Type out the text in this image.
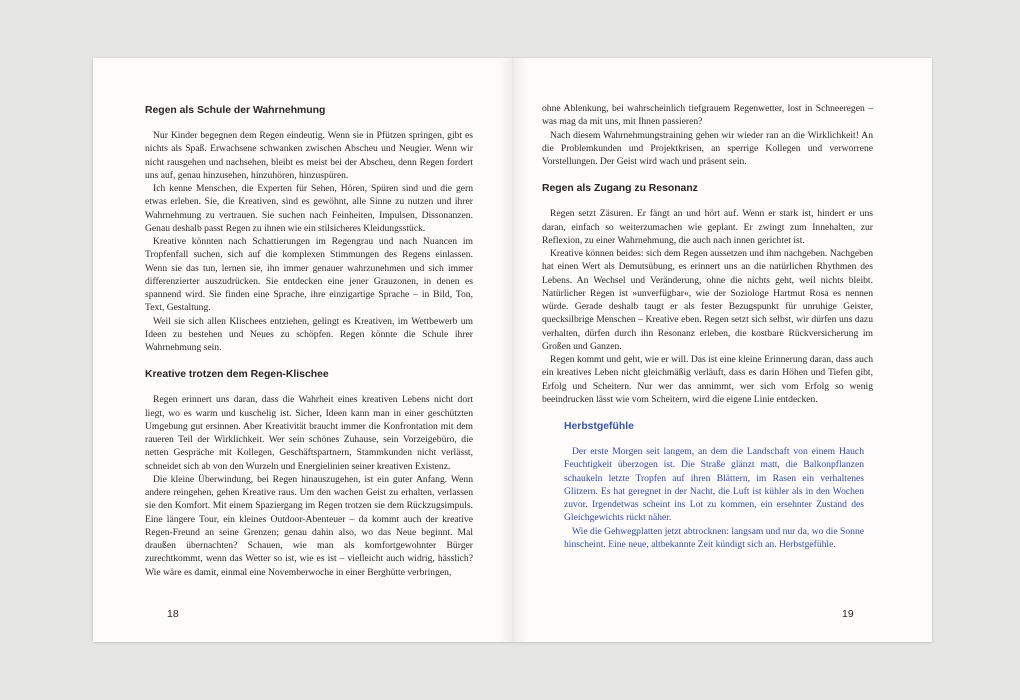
Regen als Schule der Wahrnehmung

Nur Kinder begegnen dem Regen eindeutig. Wenn sie in Pfützen springen, gibt es nichts als Spaß. Erwachsene schwanken zwischen Abscheu und Neugier. Wenn wir nicht rausgehen und nachsehen, bleibt es meist bei der Abscheu, denn Regen fordert uns auf, genau hinzusehen, hinzuhören, hinzuspüren.

Ich kenne Menschen, die Experten für Sehen, Hören, Spüren sind und die gern etwas erleben. Sie, die Kreativen, sind es gewöhnt, alle Sinne zu nutzen und ihrer Wahrnehmung zu vertrauen. Sie suchen nach Feinheiten, Impulsen, Dissonanzen. Genau deshalb passt Regen zu ihnen wie ein stilsicheres Kleidungsstück.

Kreative könnten nach Schattierungen im Regengrau und nach Nuancen im Tropfenfall suchen, sich auf die komplexen Stimmungen des Regens einlassen. Wenn sie das tun, lernen sie, ihn immer genauer wahrzunehmen und sich immer differenzierter auszudrücken. Sie entdecken eine jener Grauzonen, in denen es spannend wird. Sie finden eine Sprache, ihre einzigartige Sprache – in Bild, Ton, Text, Gestaltung.

Weil sie sich allen Klischees entziehen, gelingt es Kreativen, im Wettbewerb um Ideen zu bestehen und Neues zu schöpfen. Regen könnte die Schule ihrer Wahrnehmung sein.

Kreative trotzen dem Regen-Klischee

Regen erinnert uns daran, dass die Wahrheit eines kreativen Lebens nicht dort liegt, wo es warm und kuschelig ist. Sicher, Ideen kann man in einer geschützten Umgebung gut ersinnen. Aber Kreativität braucht immer die Konfrontation mit dem raueren Teil der Wirklichkeit. Wer sein schönes Zuhause, sein Vorzeigebüro, die netten Gespräche mit Kollegen, Geschäftspartnern, Stammkunden nicht verlässt, schneidet sich ab von den Wurzeln und Energielinien seiner kreativen Existenz.

Die kleine Überwindung, bei Regen hinauszugehen, ist ein guter Anfang. Wenn andere reingehen, gehen Kreative raus. Um den wachen Geist zu erhalten, verlassen sie den Komfort. Mit einem Spaziergang im Regen trotzen sie dem Rückzugsimpuls. Eine längere Tour, ein kleines Outdoor-Abenteuer – da kommt auch der kreative Regen-Freund an seine Grenzen; genau dahin also, wo das Neue beginnt. Mal draußen übernachten? Schauen, wie man als komfortgewohnter Bürger zurechtkommt, wenn das Wetter so ist, wie es ist – vielleicht auch widrig, hässlich? Wie wäre es damit, einmal eine Novemberwoche in einer Berghütte verbringen,

18

ohne Ablenkung, bei wahrscheinlich tiefgrauem Regenwetter, lost in Schneeregen – was mag da mit uns, mit Ihnen passieren?

Nach diesem Wahrnehmungstraining gehen wir wieder ran an die Wirklichkeit! An die Problemkunden und Projektkrisen, an sperrige Kollegen und verworrene Vorstellungen. Der Geist wird wach und präsent sein.

Regen als Zugang zu Resonanz

Regen setzt Zäsuren. Er fängt an und hört auf. Wenn er stark ist, hindert er uns daran, einfach so weiterzumachen wie geplant. Er zwingt zum Innehalten, zur Reflexion, zu einer Wahrnehmung, die auch nach innen gerichtet ist.

Kreative können beides: sich dem Regen aussetzen und ihm nachgeben. Nachgeben hat einen Wert als Demutsübung, es erinnert uns an die natürlichen Rhythmen des Lebens. An Wechsel und Veränderung, ohne die nichts geht, weil nichts bleibt. Natürlicher Regen ist »unverfügbar«, wie der Soziologe Hartmut Rosa es nennen würde. Gerade deshalb taugt er als fester Bezugspunkt für unruhige Geister, quecksilbrige Menschen – Kreative eben. Regen setzt sich selbst, wir dürfen uns dazu verhalten, dürfen durch ihn Resonanz erleben, die kostbare Rückversicherung im Großen und Ganzen.

Regen kommt und geht, wie er will. Das ist eine kleine Erinnerung daran, dass auch ein kreatives Leben nicht gleichmäßig verläuft, dass es darin Höhen und Tiefen gibt, Erfolg und Scheitern. Nur wer das annimmt, wer sich vom Erfolg so wenig beeindrucken lässt wie vom Scheitern, wird die eigene Linie entdecken.

Herbstgefühle

Der erste Morgen seit langem, an dem die Landschaft von einem Hauch Feuchtigkeit überzogen ist. Die Straße glänzt matt, die Balkonpflanzen schaukeln letzte Tropfen auf ihren Blättern, im Rasen ein verhaltenes Glitzern. Es hat geregnet in der Nacht, die Luft ist kühler als in den Wochen zuvor. Irgendetwas scheint ins Lot zu kommen, ein ersehnter Zustand des Gleichgewichts rückt näher.

Wie die Gehwegplatten jetzt abtrocknen: langsam und nur da, wo die Sonne hinscheint. Eine neue, altbekannte Zeit kündigt sich an. Herbstgefühle.

19
